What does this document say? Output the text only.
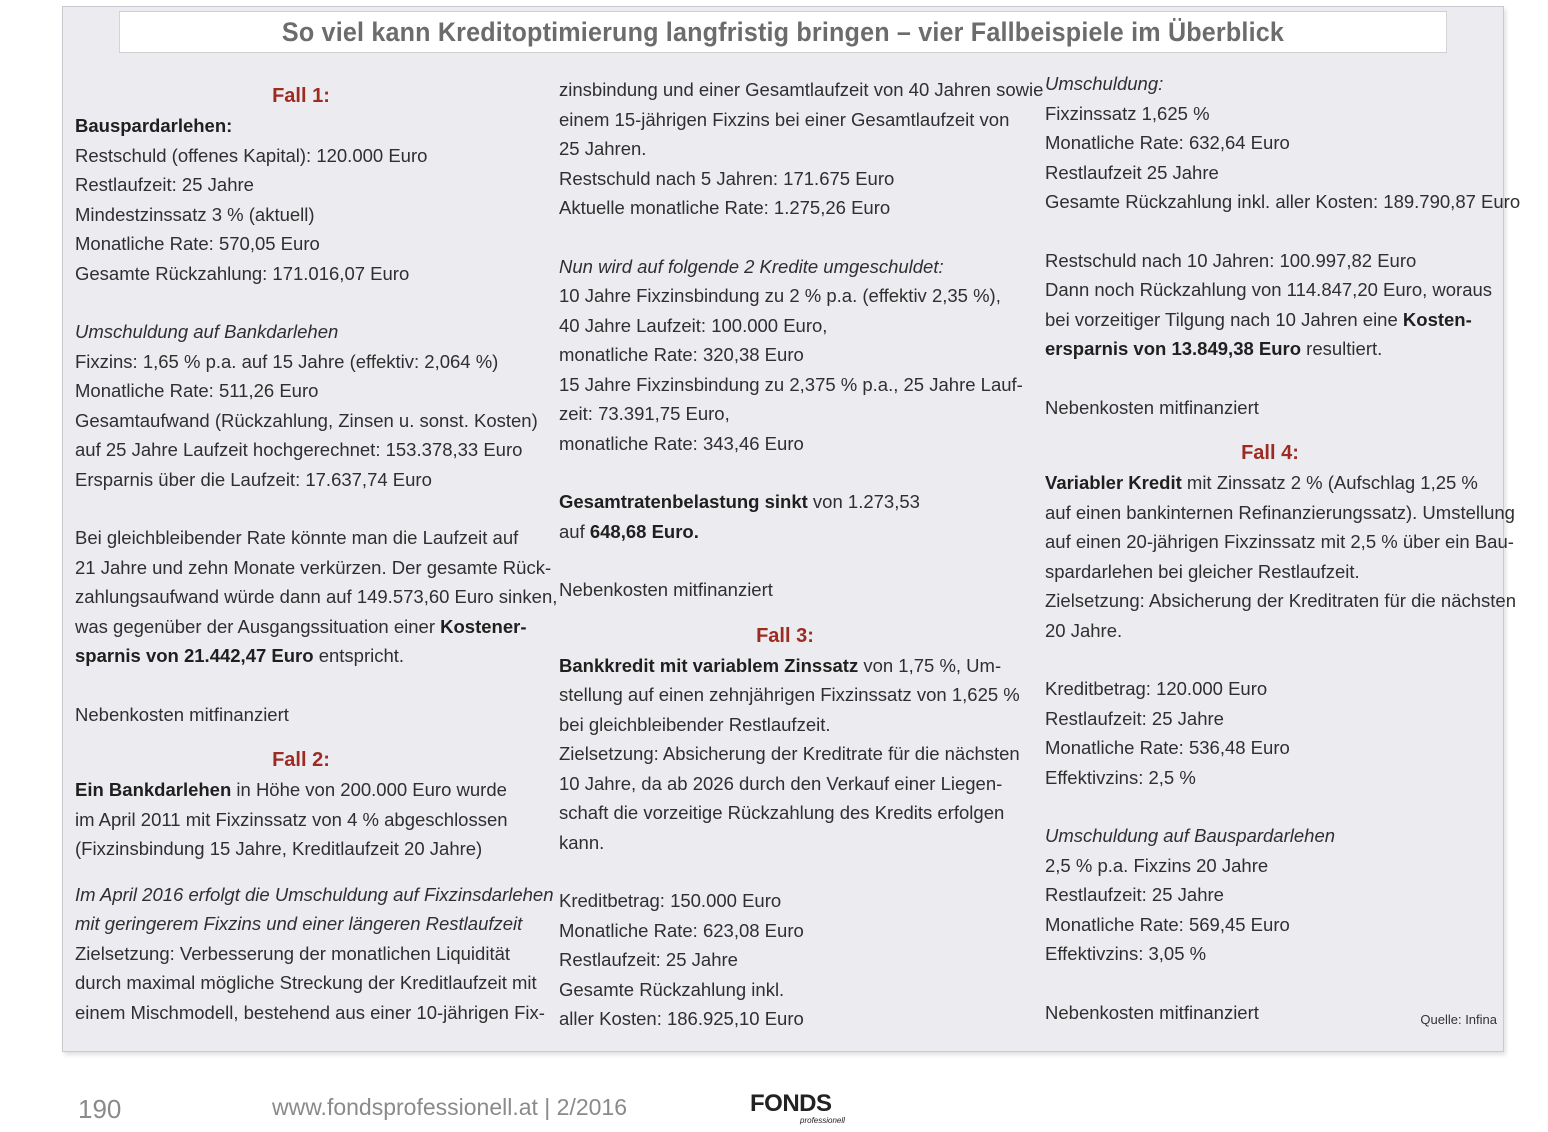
So viel kann Kreditoptimierung langfristig bringen – vier Fallbeispiele im Überblick
Fall 1:
Bauspardarlehen:
Restschuld (offenes Kapital): 120.000 Euro
Restlaufzeit: 25 Jahre
Mindestzinssatz 3 % (aktuell)
Monatliche Rate: 570,05 Euro
Gesamte Rückzahlung: 171.016,07 Euro
Umschuldung auf Bankdarlehen
Fixzins: 1,65 % p.a. auf 15 Jahre (effektiv: 2,064 %)
Monatliche Rate: 511,26 Euro
Gesamtaufwand (Rückzahlung, Zinsen u. sonst. Kosten)
auf 25 Jahre Laufzeit hochgerechnet: 153.378,33 Euro
Ersparnis über die Laufzeit: 17.637,74 Euro
Bei gleichbleibender Rate könnte man die Laufzeit auf
21 Jahre und zehn Monate verkürzen. Der gesamte Rück-
zahlungsaufwand würde dann auf 149.573,60 Euro sinken,
was gegenüber der Ausgangssituation einer Kostener-
sparnis von 21.442,47 Euro entspricht.
Nebenkosten mitfinanziert
Fall 2:
Ein Bankdarlehen in Höhe von 200.000 Euro wurde
im April 2011 mit Fixzinssatz von 4 % abgeschlossen
(Fixzinsbindung 15 Jahre, Kreditlaufzeit 20 Jahre)
Im April 2016 erfolgt die Umschuldung auf Fixzinsdarlehen
mit geringerem Fixzins und einer längeren Restlaufzeit
Zielsetzung: Verbesserung der monatlichen Liquidität
durch maximal mögliche Streckung der Kreditlaufzeit mit
einem Mischmodell, bestehend aus einer 10-jährigen Fix-
zinsbindung und einer Gesamtlaufzeit von 40 Jahren sowie
einem 15-jährigen Fixzins bei einer Gesamtlaufzeit von
25 Jahren.
Restschuld nach 5 Jahren: 171.675 Euro
Aktuelle monatliche Rate: 1.275,26 Euro
Nun wird auf folgende 2 Kredite umgeschuldet:
10 Jahre Fixzinsbindung zu 2 % p.a. (effektiv 2,35 %),
40 Jahre Laufzeit: 100.000 Euro,
monatliche Rate: 320,38 Euro
15 Jahre Fixzinsbindung zu 2,375 % p.a., 25 Jahre Lauf-
zeit: 73.391,75 Euro,
monatliche Rate: 343,46 Euro
Gesamtratenbelastung sinkt von 1.273,53
auf 648,68 Euro.
Nebenkosten mitfinanziert
Fall 3:
Bankkredit mit variablem Zinssatz von 1,75 %, Um-
stellung auf einen zehnjährigen Fixzinssatz von 1,625 %
bei gleichbleibender Restlaufzeit.
Zielsetzung: Absicherung der Kreditrate für die nächsten
10 Jahre, da ab 2026 durch den Verkauf einer Liegen-
schaft die vorzeitige Rückzahlung des Kredits erfolgen
kann.
Kreditbetrag: 150.000 Euro
Monatliche Rate: 623,08 Euro
Restlaufzeit: 25 Jahre
Gesamte Rückzahlung inkl.
aller Kosten: 186.925,10 Euro
Umschuldung:
Fixzinssatz 1,625 %
Monatliche Rate: 632,64 Euro
Restlaufzeit 25 Jahre
Gesamte Rückzahlung inkl. aller Kosten: 189.790,87 Euro
Restschuld nach 10 Jahren: 100.997,82 Euro
Dann noch Rückzahlung von 114.847,20 Euro, woraus
bei vorzeitiger Tilgung nach 10 Jahren eine Kosten-
ersparnis von 13.849,38 Euro resultiert.
Nebenkosten mitfinanziert
Fall 4:
Variabler Kredit mit Zinssatz 2 % (Aufschlag 1,25 %
auf einen bankinternen Refinanzierungssatz). Umstellung
auf einen 20-jährigen Fixzinssatz mit 2,5 % über ein Bau-
spardarlehen bei gleicher Restlaufzeit.
Zielsetzung: Absicherung der Kreditraten für die nächsten
20 Jahre.
Kreditbetrag: 120.000 Euro
Restlaufzeit: 25 Jahre
Monatliche Rate: 536,48 Euro
Effektivzins: 2,5 %
Umschuldung auf Bauspardarlehen
2,5 % p.a. Fixzins 20 Jahre
Restlaufzeit: 25 Jahre
Monatliche Rate: 569,45 Euro
Effektivzins: 3,05 %
Nebenkosten mitfinanziert	Quelle: Infina
190	www.fondsprofessionell.at | 2/2016	FONDS
professionell
